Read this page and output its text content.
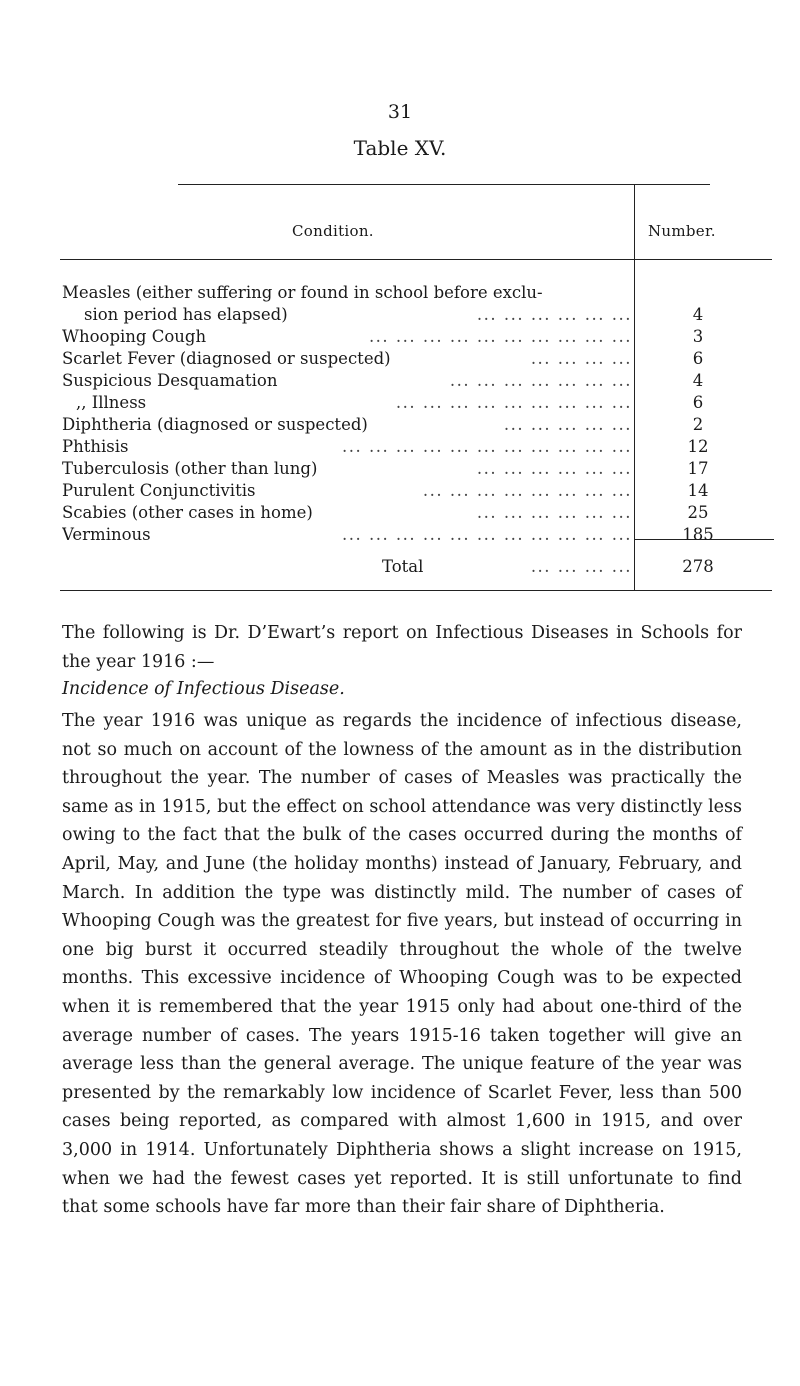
31
Table XV.
Condition.	Number.
Measles (either suffering or found in school before exclu-
... ... ... ... ... ...
sion period has elapsed)	4
... ... ... ... ... ... ... ... ... ...
Whooping Cough	3
... ... ... ...
Scarlet Fever (diagnosed or suspected)	6
... ... ... ... ... ... ...
Suspicious Desquamation	4
... ... ... ... ... ... ... ... ...
,, Illness	6
... ... ... ... ...
Diphtheria (diagnosed or suspected)	2
... ... ... ... ... ... ... ... ... ... ...
Phthisis	12
... ... ... ... ... ...
Tuberculosis (other than lung)	17
... ... ... ... ... ... ... ...
Purulent Conjunctivitis	14
... ... ... ... ... ...
Scabies (other cases in home)	25
... ... ... ... ... ... ... ... ... ... ...
Verminous	185
... ... ... ...
Total	278
The following is Dr. D’Ewart’s report on Infectious Diseases in Schools for the year 1916 :—
Incidence of Infectious Disease.
The year 1916 was unique as regards the incidence of infectious disease, not so much on account of the lowness of the amount as in the distribution throughout the year. The number of cases of Measles was practically the same as in 1915, but the effect on school attendance was very distinctly less owing to the fact that the bulk of the cases occurred during the months of April, May, and June (the holiday months) instead of January, February, and March. In addition the type was distinctly mild. The number of cases of Whooping Cough was the greatest for five years, but instead of occurring in one big burst it occurred steadily throughout the whole of the twelve months. This excessive incidence of Whooping Cough was to be expected when it is remembered that the year 1915 only had about one-third of the average number of cases. The years 1915-16 taken together will give an average less than the general average. The unique feature of the year was presented by the remarkably low incidence of Scarlet Fever, less than 500 cases being reported, as compared with almost 1,600 in 1915, and over 3,000 in 1914. Unfortunately Diphtheria shows a slight increase on 1915, when we had the fewest cases yet reported. It is still unfortunate to find that some schools have far more than their fair share of Diphtheria.
